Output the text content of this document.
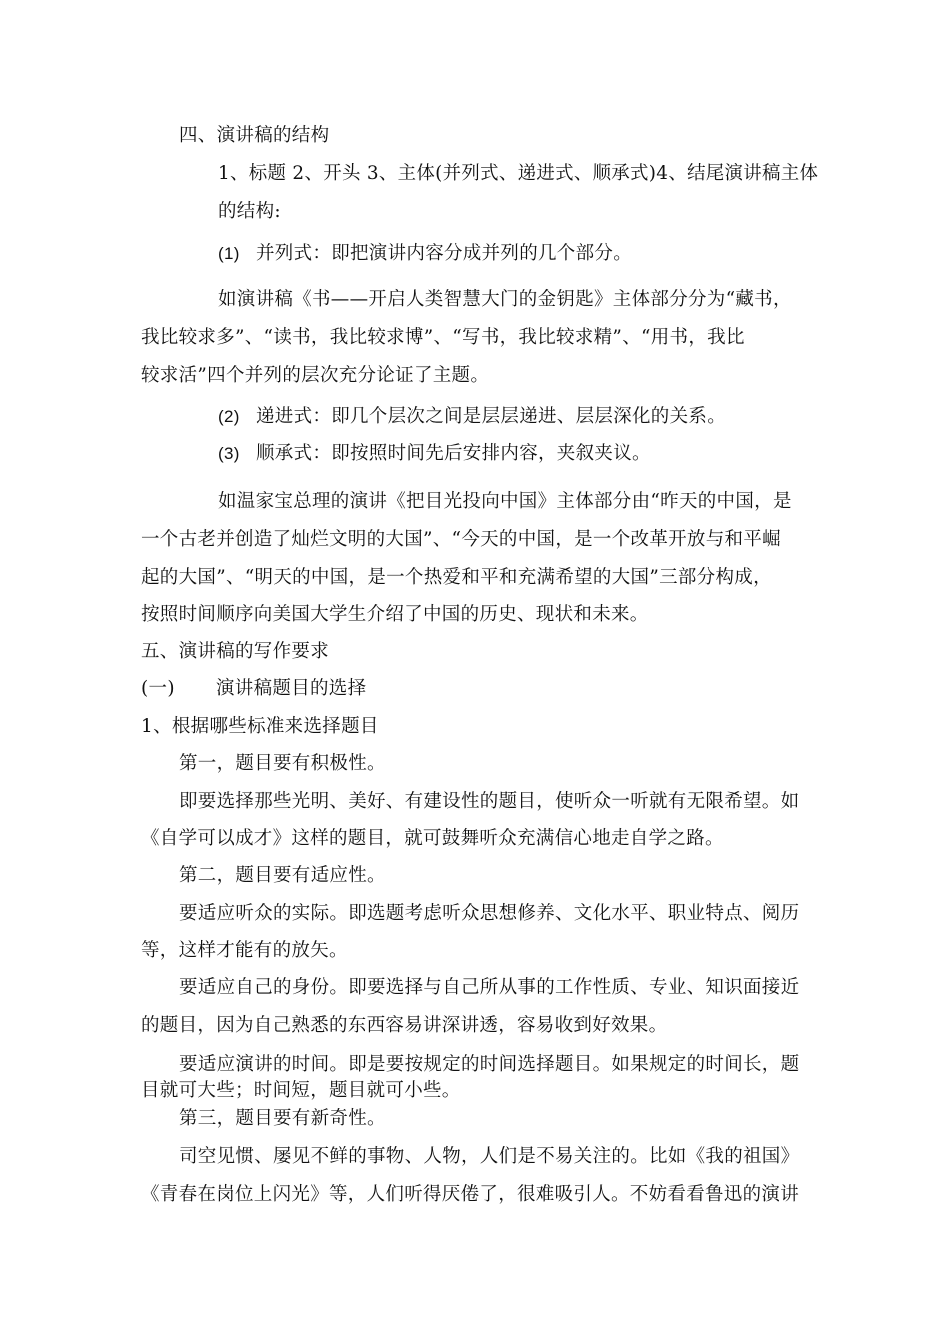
四、演讲稿的结构
1、标题 2、开头 3、主体(并列式、递进式、顺承式)4、结尾演讲稿主体
的结构:
(1) 并列式：即把演讲内容分成并列的几个部分。
如演讲稿《书——开启人类智慧大门的金钥匙》主体部分分为“藏书，
我比较求多”、“读书，我比较求博”、“写书，我比较求精”、“用书，我比
较求活”四个并列的层次充分论证了主题。
(2) 递进式：即几个层次之间是层层递进、层层深化的关系。
(3) 顺承式：即按照时间先后安排内容，夹叙夹议。
如温家宝总理的演讲《把目光投向中国》主体部分由“昨天的中国，是
一个古老并创造了灿烂文明的大国”、“今天的中国，是一个改革开放与和平崛
起的大国”、“明天的中国，是一个热爱和平和充满希望的大国”三部分构成，
按照时间顺序向美国大学生介绍了中国的历史、现状和未来。
五、演讲稿的写作要求
(一) 演讲稿题目的选择
1、根据哪些标准来选择题目
第一，题目要有积极性。
即要选择那些光明、美好、有建设性的题目，使听众一听就有无限希望。如
《自学可以成才》这样的题目，就可鼓舞听众充满信心地走自学之路。
第二，题目要有适应性。
要适应听众的实际。即选题考虑听众思想修养、文化水平、职业特点、阅历
等，这样才能有的放矢。
要适应自己的身份。即要选择与自己所从事的工作性质、专业、知识面接近
的题目，因为自己熟悉的东西容易讲深讲透，容易收到好效果。
要适应演讲的时间。即是要按规定的时间选择题目。如果规定的时间长，题
目就可大些；时间短，题目就可小些。
第三，题目要有新奇性。
司空见惯、屡见不鲜的事物、人物，人们是不易关注的。比如《我的祖国》
《青春在岗位上闪光》等，人们听得厌倦了，很难吸引人。不妨看看鲁迅的演讲
